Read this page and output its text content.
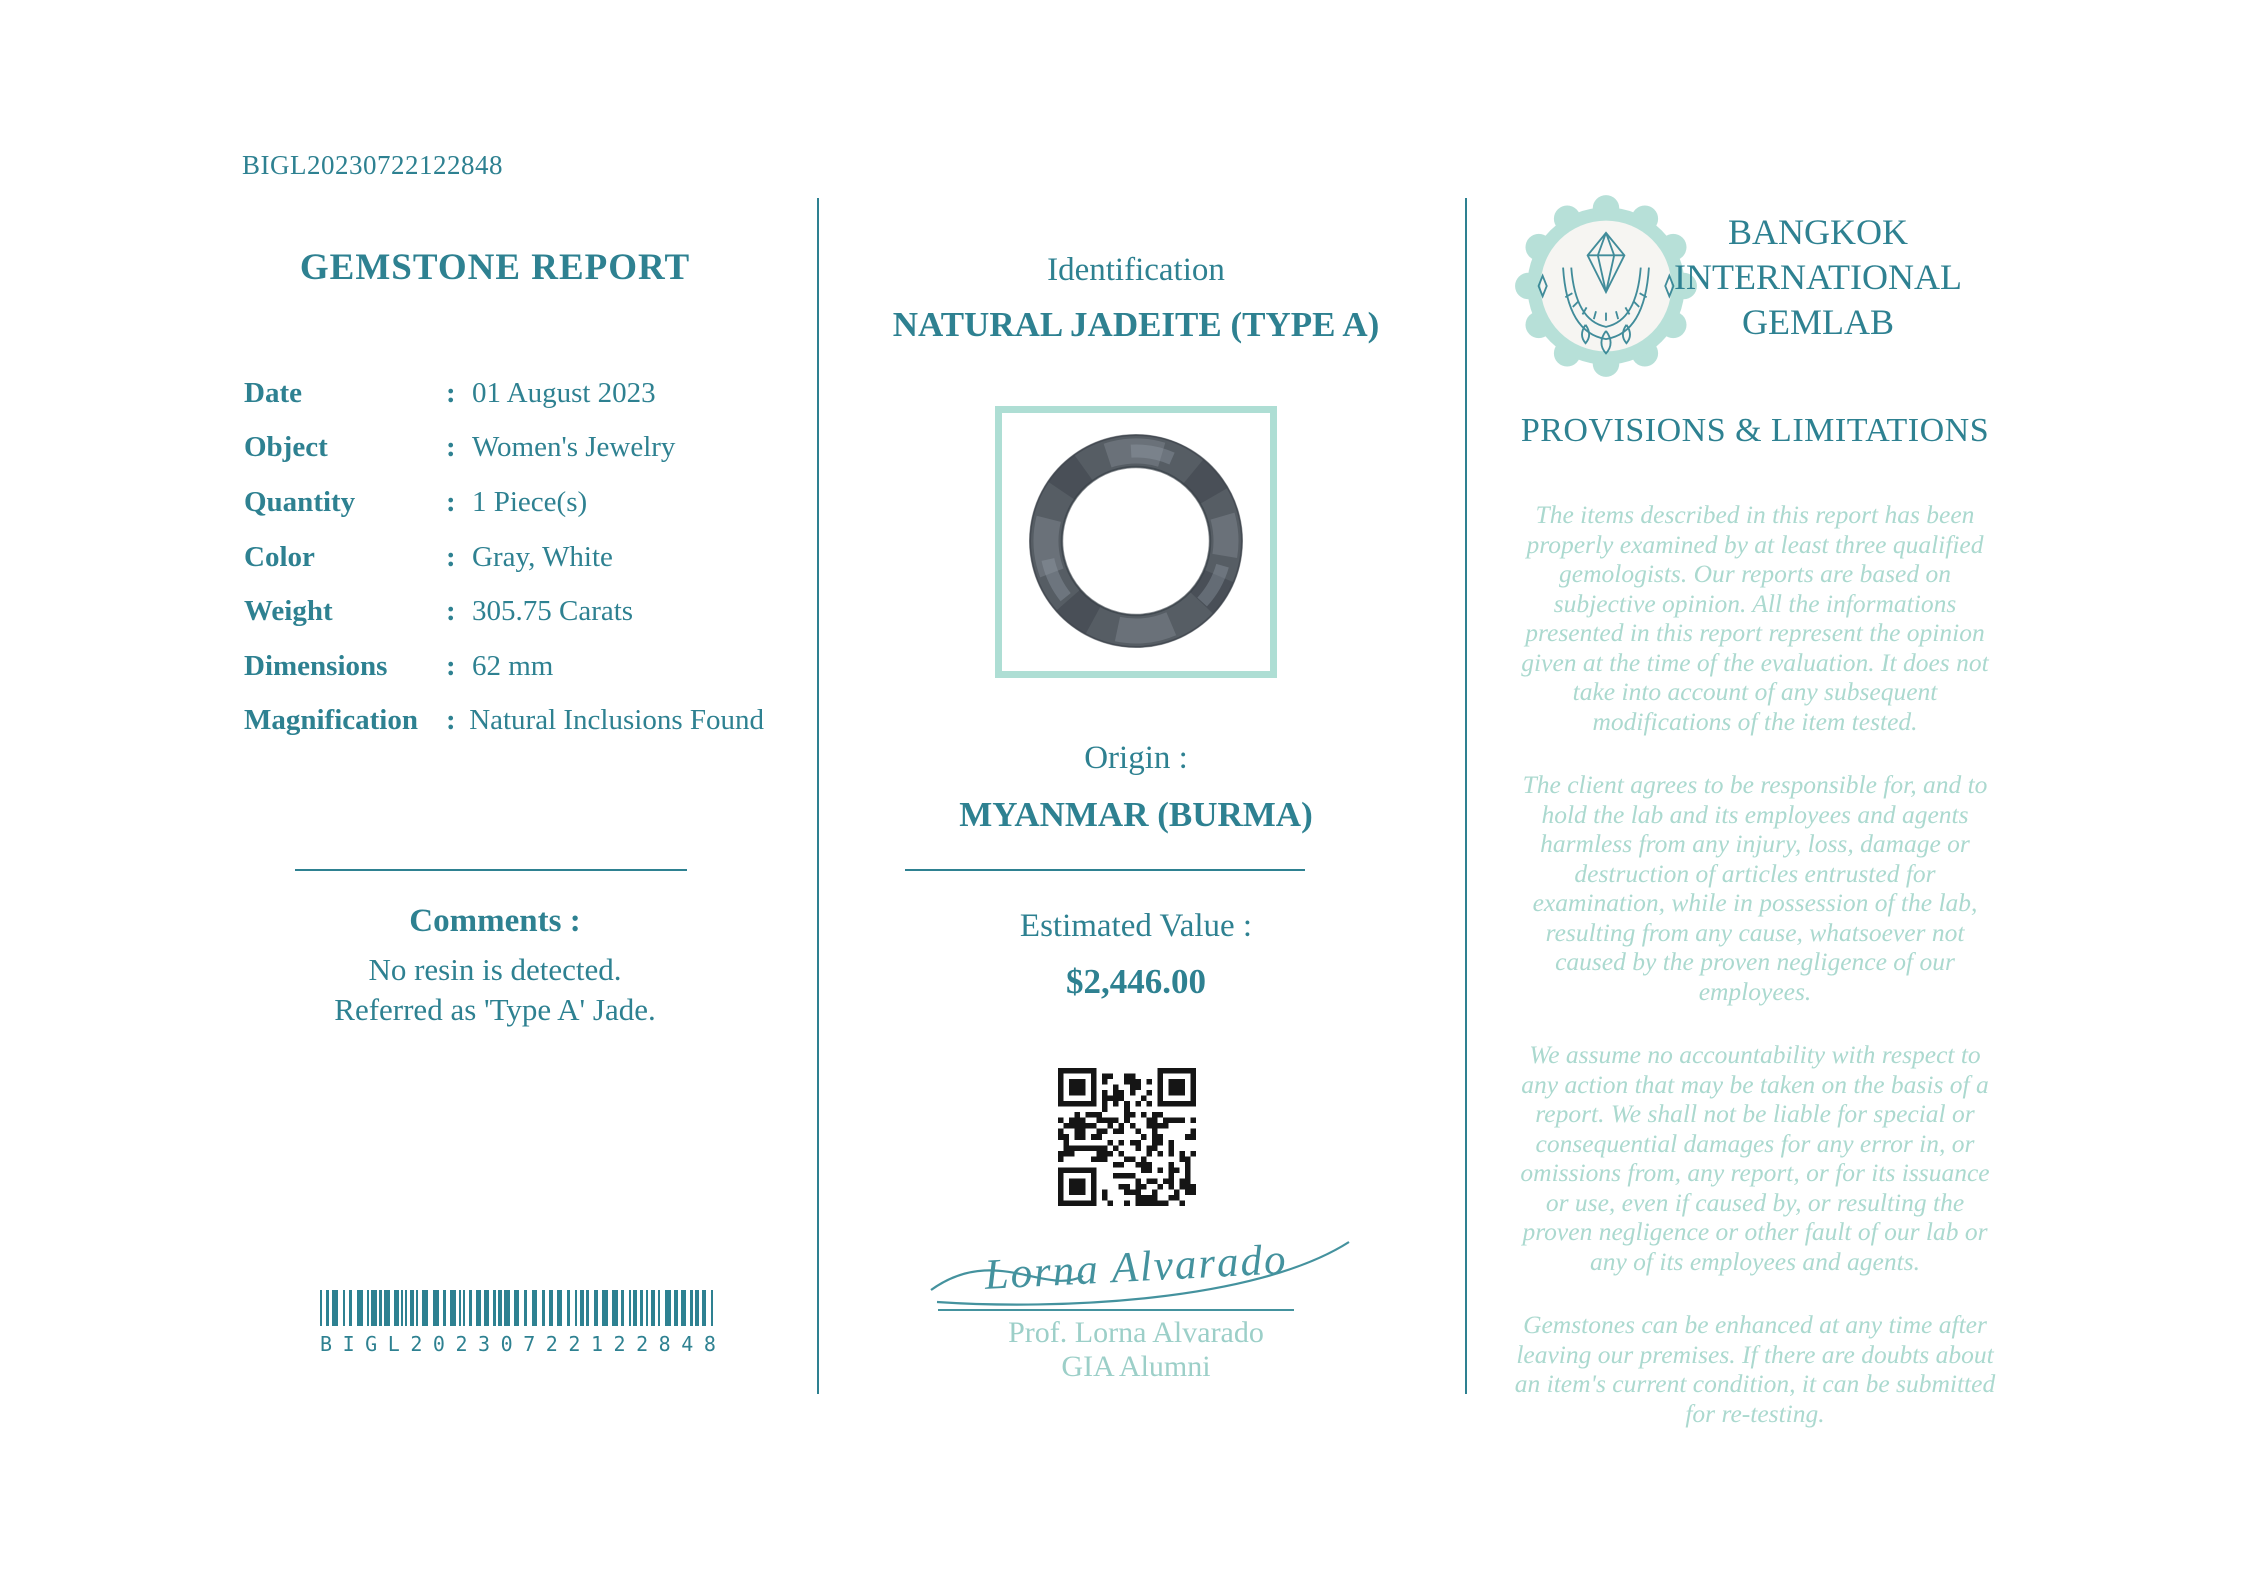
BIGL20230722122848
GEMSTONE REPORT
Date	: 01 August 2023
Object	: Women's Jewelry
Quantity	: 1 Piece(s)
Color	: Gray, White
Weight	: 305.75 Carats
Dimensions	: 62 mm
Magnification : Natural Inclusions Found
Comments :
No resin is detected.
Referred as 'Type A' Jade.
B I G L 2 0 2 3 0 7 2 2 1 2 2 8 4 8
Identification
NATURAL JADEITE (TYPE A)
Origin :
MYANMAR (BURMA)
Estimated Value :
$2,446.00
Lorna Alvarado
Prof. Lorna Alvarado
GIA Alumni
BANGKOK
INTERNATIONAL
GEMLAB
PROVISIONS & LIMITATIONS

The items described in this report has been properly examined by at least three qualified gemologists. Our reports are based on subjective opinion. All the informations presented in this report represent the opinion given at the time of the evaluation. It does not take into account of any subsequent modifications of the item tested.

The client agrees to be responsible for, and to hold the lab and its employees and agents harmless from any injury, loss, damage or destruction of articles entrusted for examination, while in possession of the lab, resulting from any cause, whatsoever not caused by the proven negligence of our employees.

We assume no accountability with respect to any action that may be taken on the basis of a report. We shall not be liable for special or consequential damages for any error in, or omissions from, any report, or for its issuance or use, even if caused by, or resulting the proven negligence or other fault of our lab or any of its employees and agents.

Gemstones can be enhanced at any time after leaving our premises. If there are doubts about an item's current condition, it can be submitted for re-testing.
